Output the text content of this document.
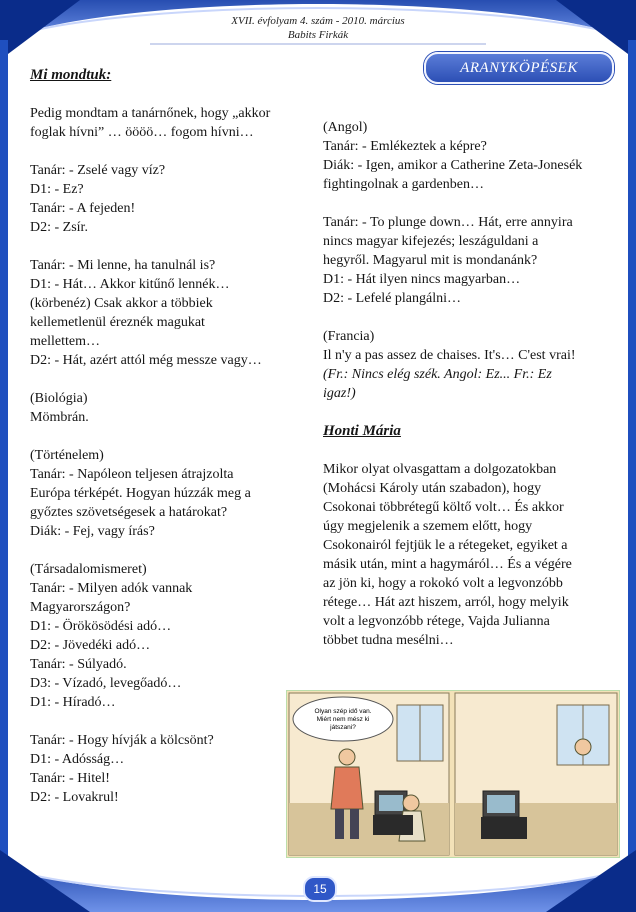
XVII. évfolyam 4. szám - 2010. március
Babits Firkák
ARANYKÖPÉSEK

Mi mondtuk:

Pedig mondtam a tanárnőnek, hogy „akkor
foglak hívni” … öööö… fogom hívni…

Tanár: - Zselé vagy víz?
D1: - Ez?
Tanár: - A fejeden!
D2: - Zsír.

Tanár: - Mi lenne, ha tanulnál is?
D1: - Hát… Akkor kitűnő lennék…
(körbenéz) Csak akkor a többiek
kellemetlenül éreznék magukat
mellettem…
D2: - Hát, azért attól még messze vagy…

(Biológia)
Mömbrán.

(Történelem)
Tanár: - Napóleon teljesen átrajzolta
Európa térképét. Hogyan húzzák meg a
győztes szövetségesek a határokat?
Diák: - Fej, vagy írás?

(Társadalomismeret)
Tanár: - Milyen adók vannak
Magyarországon?
D1: - Örökösödési adó…
D2: - Jövedéki adó…
Tanár: - Súlyadó.
D3: - Vízadó, levegőadó…
D1: - Híradó…

Tanár: - Hogy hívják a kölcsönt?
D1: - Adósság…
Tanár: - Hitel!
D2: - Lovakrul!

(Angol)
Tanár: - Emlékeztek a képre?
Diák: - Igen, amikor a Catherine Zeta-Jonesék
fightingolnak a gardenben…

Tanár: - To plunge down… Hát, erre annyira
nincs magyar kifejezés; leszáguldani a
hegyről. Magyarul mit is mondanánk?
D1: - Hát ilyen nincs magyarban…
D2: - Lefelé plangálni…

(Francia)
Il n'y a pas assez de chaises. It's… C'est vrai!

(Fr.: Nincs elég szék. Angol: Ez... Fr.: Ez
igaz!)

Honti Mária

Mikor olyat olvasgattam a dolgozatokban
(Mohácsi Károly után szabadon), hogy
Csokonai többrétegű költő volt… És akkor
úgy megjelenik a szemem előtt, hogy
Csokonairól fejtjük le a rétegeket, egyiket a
másik után, mint a hagymáról… És a végére
az jön ki, hogy a rokokó volt a legvonzóbb
rétege… Hát azt hiszem, arról, hogy melyik
volt a legvonzóbb rétege, Vajda Julianna
többet tudna mesélni…

Olyan szép idő van.
Miért nem mész ki
játszani?
15
